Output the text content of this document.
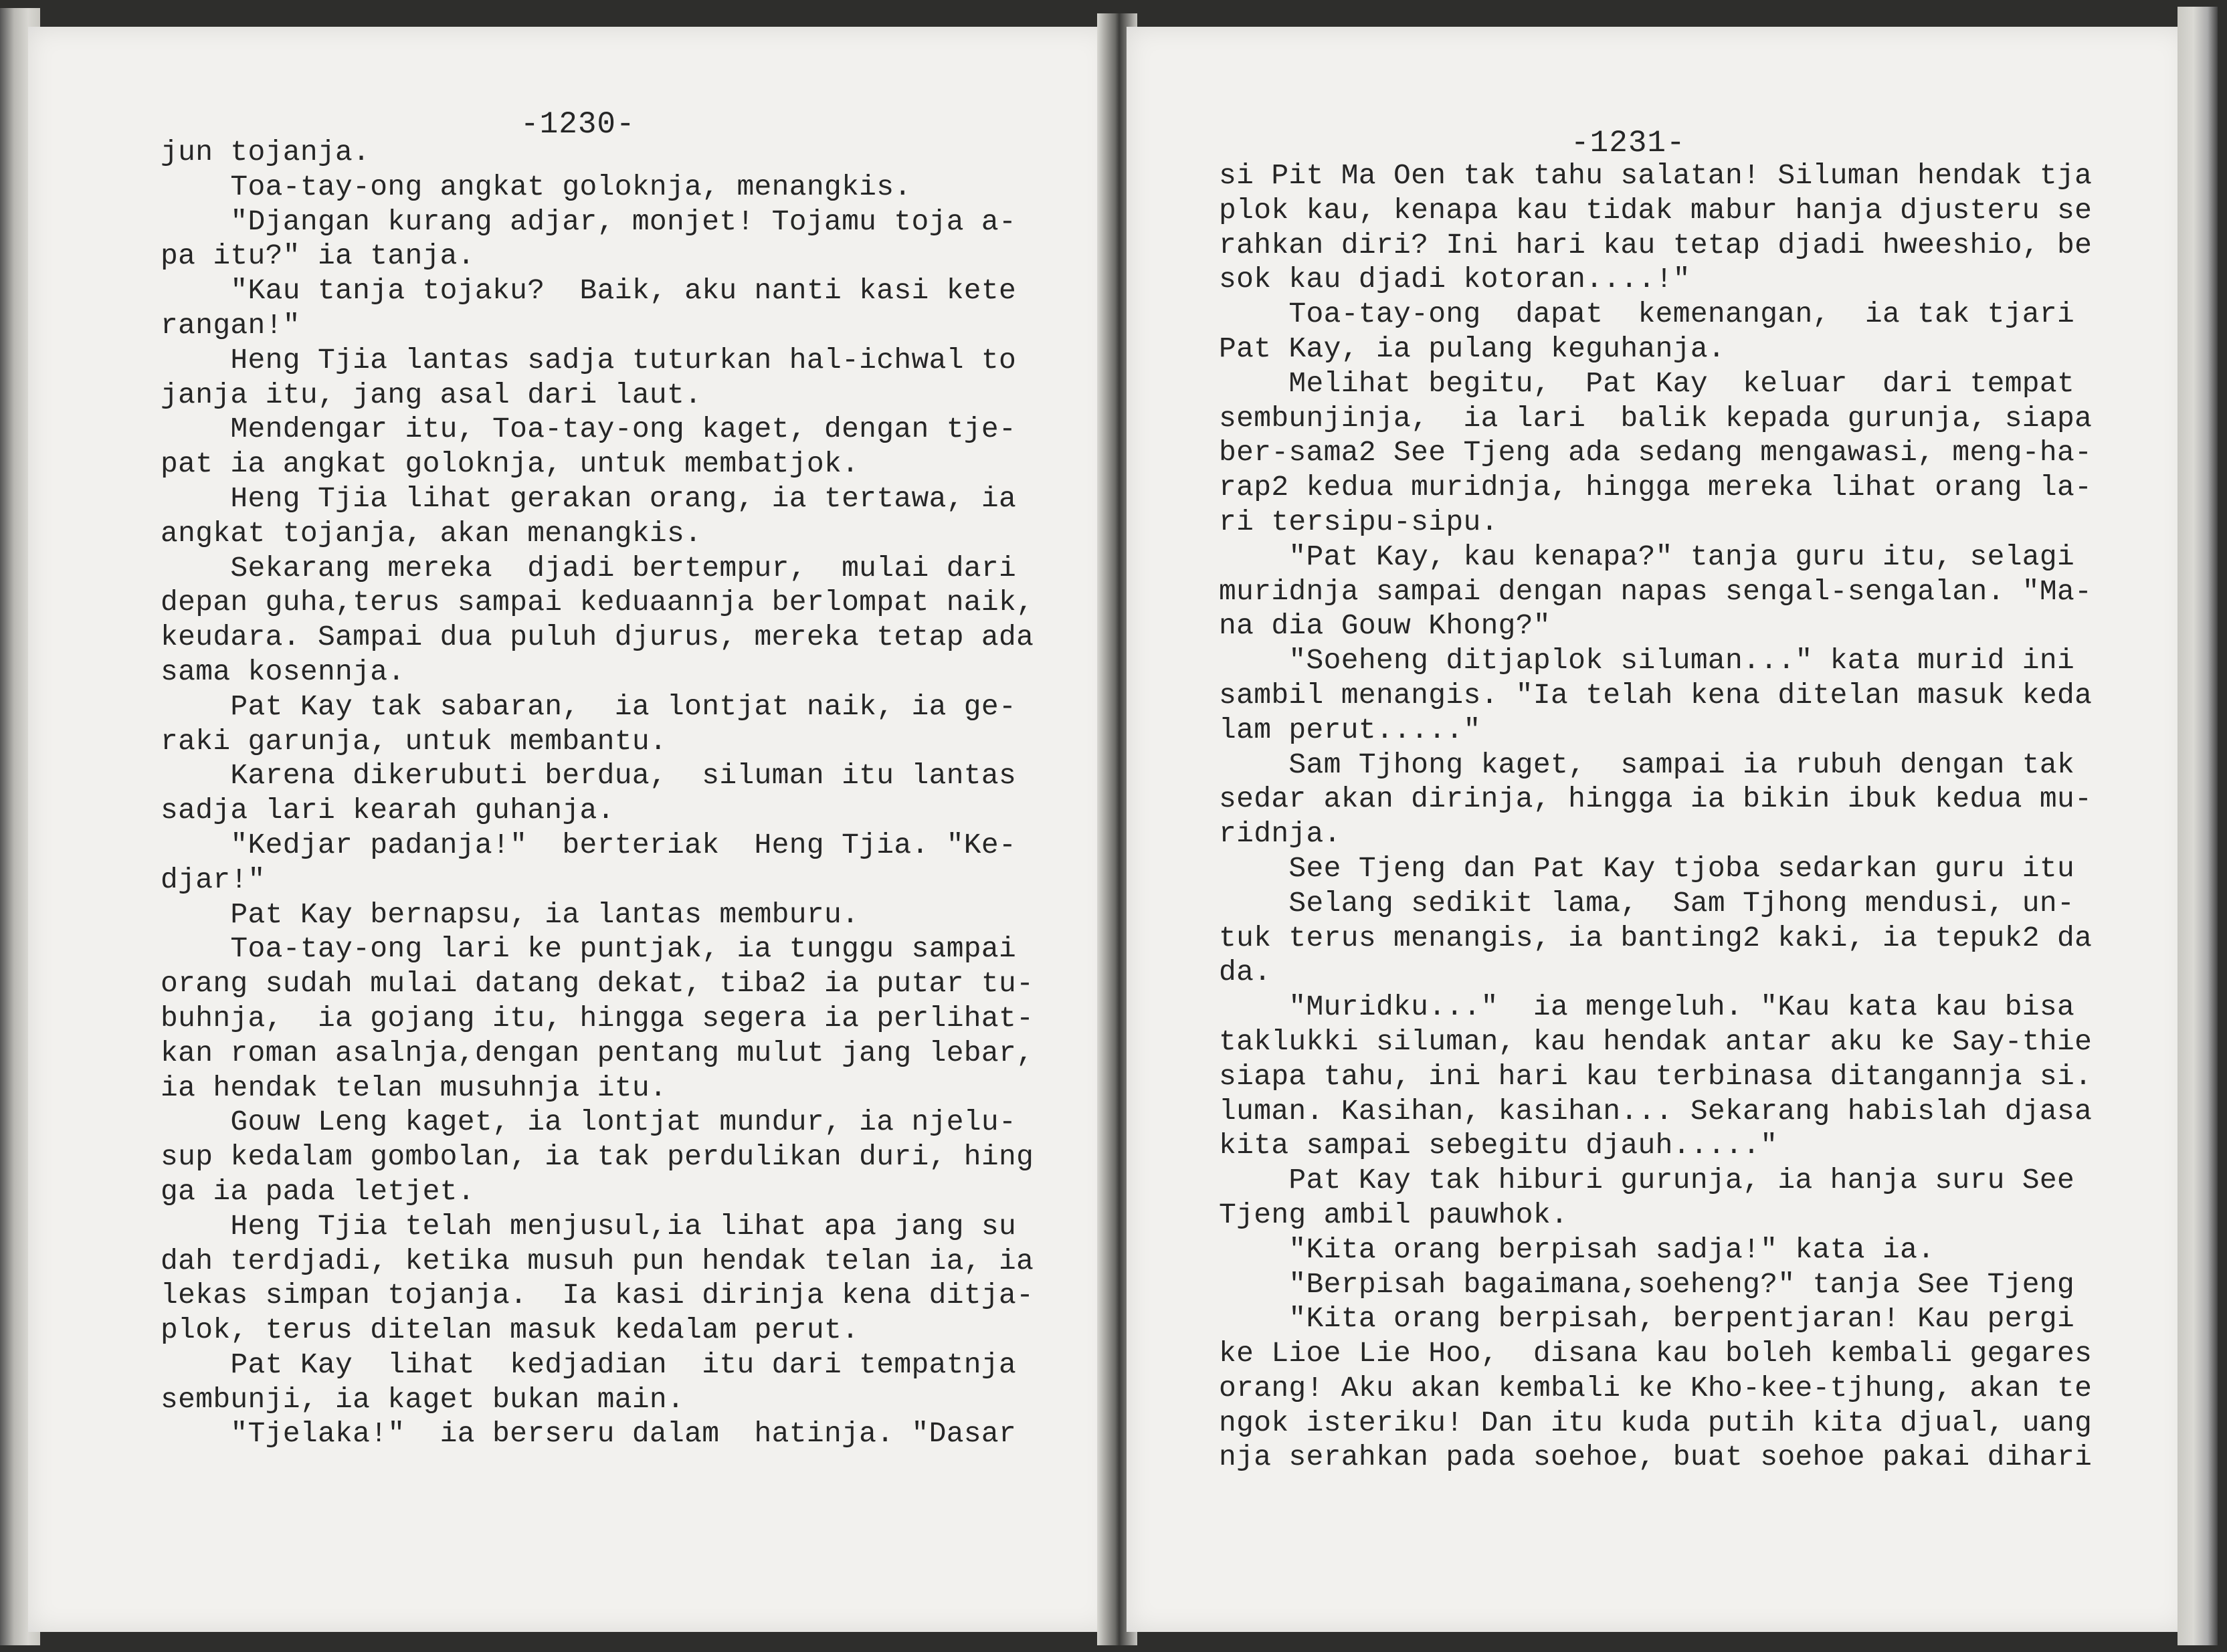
-1230-
-1231-
jun tojanja.
Toa-tay-ong angkat goloknja, menangkis.
"Djangan kurang adjar, monjet! Tojamu toja a-
pa itu?" ia tanja.
"Kau tanja tojaku?  Baik, aku nanti kasi kete
rangan!"
Heng Tjia lantas sadja tuturkan hal-ichwal to
janja itu, jang asal dari laut.
Mendengar itu, Toa-tay-ong kaget, dengan tje-
pat ia angkat goloknja, untuk membatjok.
Heng Tjia lihat gerakan orang, ia tertawa, ia
angkat tojanja, akan menangkis.
Sekarang mereka  djadi bertempur,  mulai dari
depan guha,terus sampai keduaannja berlompat naik,
keudara. Sampai dua puluh djurus, mereka tetap ada
sama kosennja.
Pat Kay tak sabaran,  ia lontjat naik, ia ge-
raki garunja, untuk membantu.
Karena dikerubuti berdua,  siluman itu lantas
sadja lari kearah guhanja.
"Kedjar padanja!"  berteriak  Heng Tjia. "Ke-
djar!"
Pat Kay bernapsu, ia lantas memburu.
Toa-tay-ong lari ke puntjak, ia tunggu sampai
orang sudah mulai datang dekat, tiba2 ia putar tu-
buhnja,  ia gojang itu, hingga segera ia perlihat-
kan roman asalnja,dengan pentang mulut jang lebar,
ia hendak telan musuhnja itu.
Gouw Leng kaget, ia lontjat mundur, ia njelu-
sup kedalam gombolan, ia tak perdulikan duri, hing
ga ia pada letjet.
Heng Tjia telah menjusul,ia lihat apa jang su
dah terdjadi, ketika musuh pun hendak telan ia, ia
lekas simpan tojanja.  Ia kasi dirinja kena ditja-
plok, terus ditelan masuk kedalam perut.
Pat Kay  lihat  kedjadian  itu dari tempatnja
sembunji, ia kaget bukan main.
"Tjelaka!"  ia berseru dalam  hatinja. "Dasar
si Pit Ma Oen tak tahu salatan! Siluman hendak tja
plok kau, kenapa kau tidak mabur hanja djusteru se
rahkan diri? Ini hari kau tetap djadi hweeshio, be
sok kau djadi kotoran....!"
Toa-tay-ong  dapat  kemenangan,  ia tak tjari
Pat Kay, ia pulang keguhanja.
Melihat begitu,  Pat Kay  keluar  dari tempat
sembunjinja,  ia lari  balik kepada gurunja, siapa
ber-sama2 See Tjeng ada sedang mengawasi, meng-ha-
rap2 kedua muridnja, hingga mereka lihat orang la-
ri tersipu-sipu.
"Pat Kay, kau kenapa?" tanja guru itu, selagi
muridnja sampai dengan napas sengal-sengalan. "Ma-
na dia Gouw Khong?"
"Soeheng ditjaplok siluman..." kata murid ini
sambil menangis. "Ia telah kena ditelan masuk keda
lam perut....."
Sam Tjhong kaget,  sampai ia rubuh dengan tak
sedar akan dirinja, hingga ia bikin ibuk kedua mu-
ridnja.
See Tjeng dan Pat Kay tjoba sedarkan guru itu
Selang sedikit lama,  Sam Tjhong mendusi, un-
tuk terus menangis, ia banting2 kaki, ia tepuk2 da
da.
"Muridku..."  ia mengeluh. "Kau kata kau bisa
taklukki siluman, kau hendak antar aku ke Say-thie
siapa tahu, ini hari kau terbinasa ditangannja si.
luman. Kasihan, kasihan... Sekarang habislah djasa
kita sampai sebegitu djauh....."
Pat Kay tak hiburi gurunja, ia hanja suru See
Tjeng ambil pauwhok.
"Kita orang berpisah sadja!" kata ia.
"Berpisah bagaimana,soeheng?" tanja See Tjeng
"Kita orang berpisah, berpentjaran! Kau pergi
ke Lioe Lie Hoo,  disana kau boleh kembali gegares
orang! Aku akan kembali ke Kho-kee-tjhung, akan te
ngok isteriku! Dan itu kuda putih kita djual, uang
nja serahkan pada soehoe, buat soehoe pakai dihari
